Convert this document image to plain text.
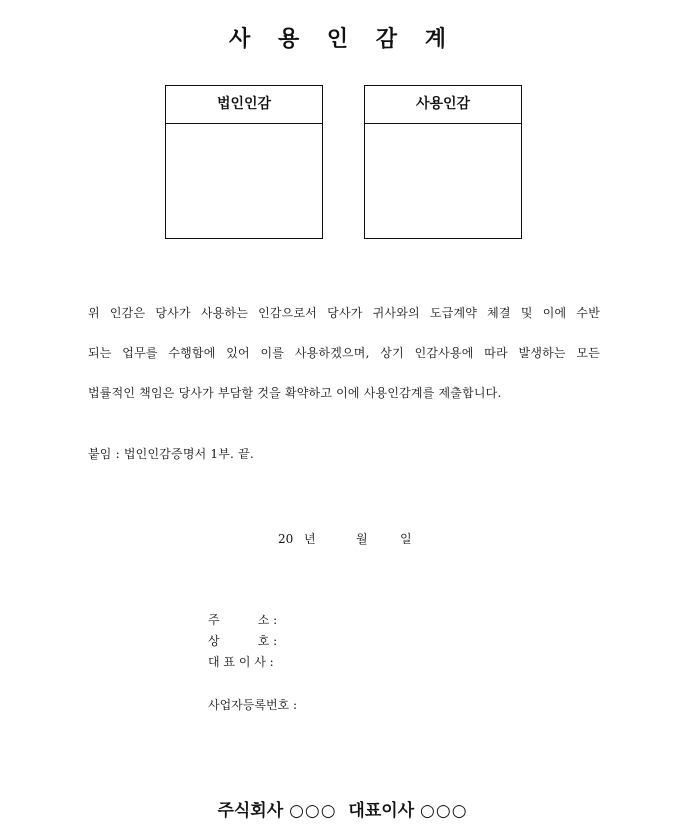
사 용 인 감 계
법인인감	사용인감
위 인감은 당사가 사용하는 인감으로서 당사가 귀사와의 도급계약 체결 및 이에 수반
되는 업무를 수행함에 있어 이를 사용하겠으며, 상기 인감사용에 따라 발생하는 모든
법률적인 책임은 당사가 부담할 것을 확약하고 이에 사용인감계를 제출합니다.
붙임 : 법인인감증명서 1부. 끝.
20 년	월	일
주          소 :
상          호 :
대 표 이 사 :
사업자등록번호 :
주식회사 ○○○ 대표이사 ○○○
